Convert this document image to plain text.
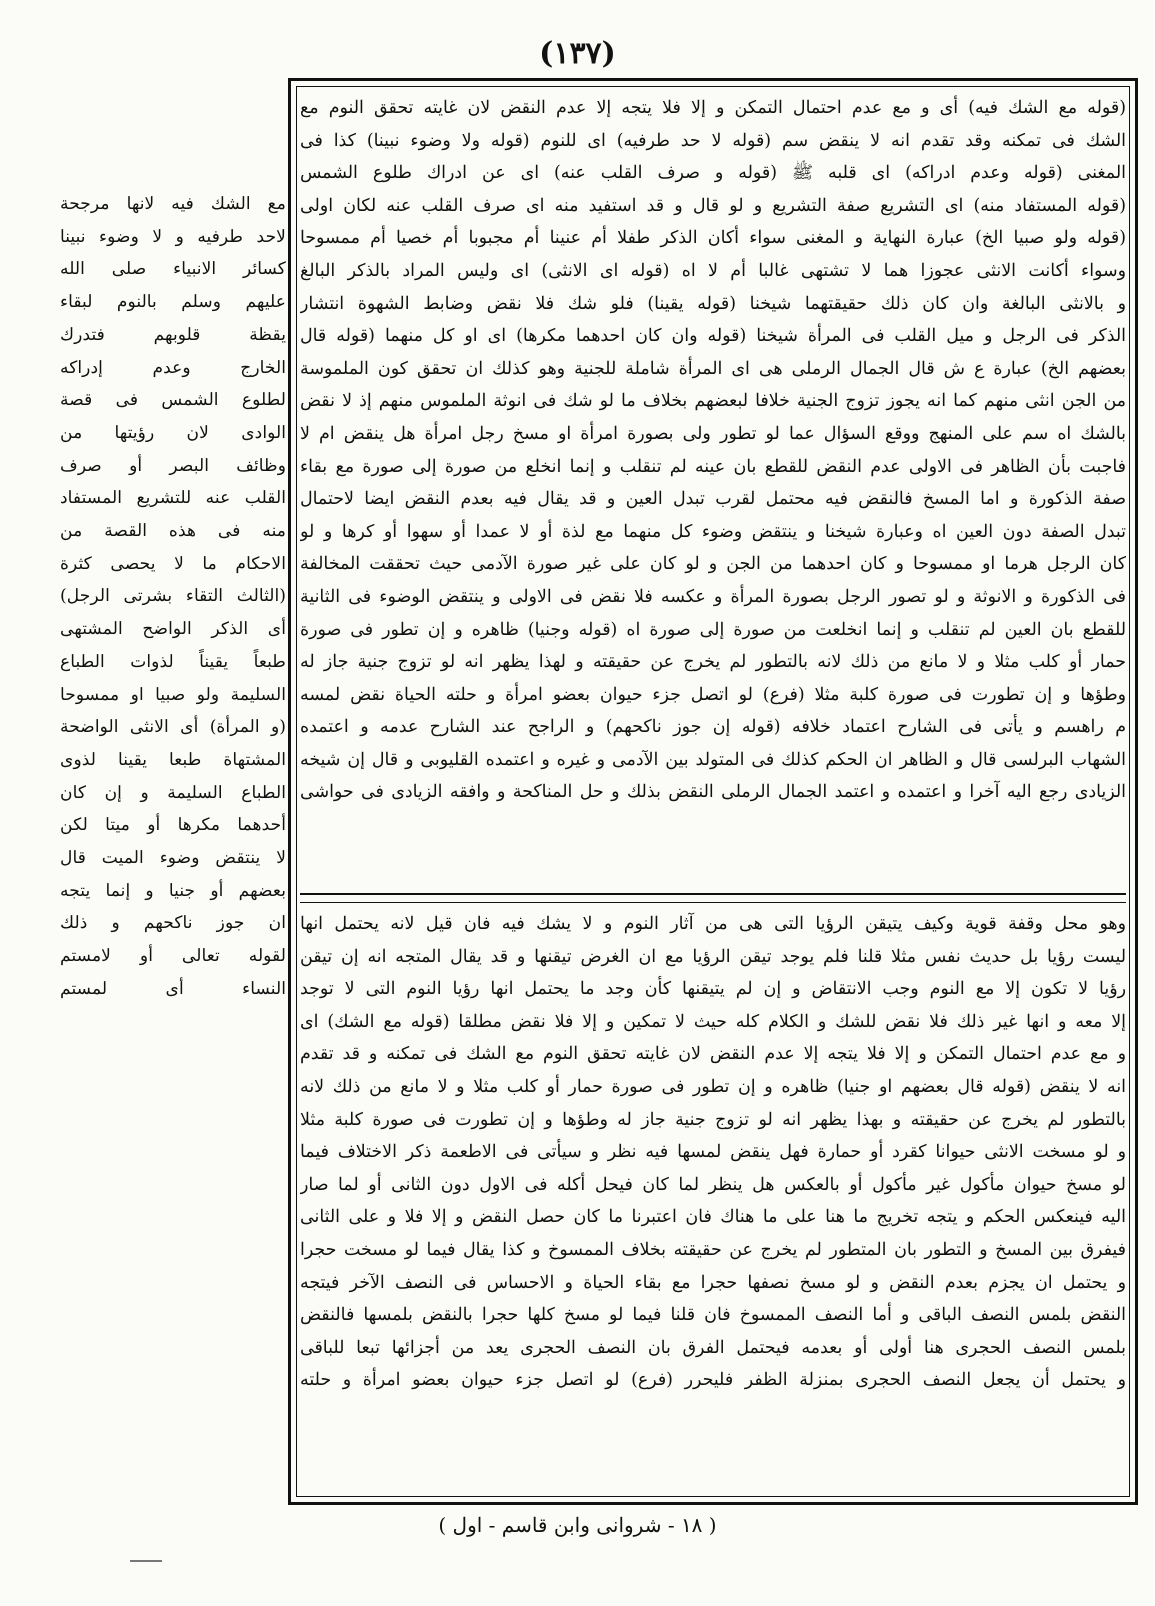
(١٣٧)
مع الشك فيه لانها مرجحة
لاحد طرفيه و لا وضوء نبينا
كسائر الانبياء صلى الله
عليهم وسلم بالنوم لبقاء
يقظة قلوبهم فتدرك
الخارج وعدم إدراكه
لطلوع الشمس فى قصة
الوادى لان رؤيتها من
وظائف البصر أو صرف
القلب عنه للتشريع المستفاد
منه فى هذه القصة من
الاحكام ما لا يحصى كثرة
(الثالث التقاء بشرتى الرجل)
أى الذكر الواضح المشتهى
طبعاً يقيناً لذوات الطباع
السليمة ولو صبيا او ممسوحا
(و المرأة) أى الانثى الواضحة
المشتهاة طبعا يقينا لذوى
الطباع السليمة و إن كان
أحدهما مكرها أو ميتا لكن
لا ينتقض وضوء الميت قال
بعضهم أو جنيا و إنما يتجه
ان جوز ناكحهم و ذلك
لقوله تعالى أو لامستم
النساء أى لمستم
(قوله مع الشك فيه) أى و مع عدم احتمال التمكن و إلا فلا يتجه إلا عدم النقض لان غايته تحقق النوم مع
الشك فى تمكنه وقد تقدم انه لا ينقض سم (قوله لا حد طرفيه) اى للنوم (قوله ولا وضوء نبينا) كذا فى
المغنى (قوله وعدم ادراكه) اى قلبه ﷺ (قوله و صرف القلب عنه) اى عن ادراك طلوع الشمس
(قوله المستفاد منه) اى التشريع صفة التشريع و لو قال و قد استفيد منه اى صرف القلب عنه لكان اولى
(قوله ولو صبيا الخ) عبارة النهاية و المغنى سواء أكان الذكر طفلا أم عنينا أم مجبوبا أم خصيا أم ممسوحا
وسواء أكانت الانثى عجوزا هما لا تشتهى غالبا أم لا اه (قوله اى الانثى) اى وليس المراد بالذكر البالغ
و بالانثى البالغة وان كان ذلك حقيقتهما شيخنا (قوله يقينا) فلو شك فلا نقض وضابط الشهوة انتشار
الذكر فى الرجل و ميل القلب فى المرأة شيخنا (قوله وان كان احدهما مكرها) اى او كل منهما (قوله قال
بعضهم الخ) عبارة ع ش قال الجمال الرملى هى اى المرأة شاملة للجنية وهو كذلك ان تحقق كون الملموسة
من الجن انثى منهم كما انه يجوز تزوج الجنية خلافا لبعضهم بخلاف ما لو شك فى انوثة الملموس منهم إذ لا نقض
بالشك اه سم على المنهج ووقع السؤال عما لو تطور ولى بصورة امرأة او مسخ رجل امرأة هل ينقض ام لا
فاجبت بأن الظاهر فى الاولى عدم النقض للقطع بان عينه لم تنقلب و إنما انخلع من صورة إلى صورة مع بقاء
صفة الذكورة و اما المسخ فالنقض فيه محتمل لقرب تبدل العين و قد يقال فيه بعدم النقض ايضا لاحتمال
تبدل الصفة دون العين اه وعبارة شيخنا و ينتقض وضوء كل منهما مع لذة أو لا عمدا أو سهوا أو كرها و لو
كان الرجل هرما او ممسوحا و كان احدهما من الجن و لو كان على غير صورة الآدمى حيث تحققت المخالفة
فى الذكورة و الانوثة و لو تصور الرجل بصورة المرأة و عكسه فلا نقض فى الاولى و ينتقض الوضوء فى الثانية
للقطع بان العين لم تنقلب و إنما انخلعت من صورة إلى صورة اه (قوله وجنيا) ظاهره و إن تطور فى صورة
حمار أو كلب مثلا و لا مانع من ذلك لانه بالتطور لم يخرج عن حقيقته و لهذا يظهر انه لو تزوج جنية جاز له
وطؤها و إن تطورت فى صورة كلبة مثلا (فرع) لو اتصل جزء حيوان بعضو امرأة و حلته الحياة نقض لمسه
م راهسم و يأتى فى الشارح اعتماد خلافه (قوله إن جوز ناكحهم) و الراجح عند الشارح عدمه و اعتمده
الشهاب البرلسى قال و الظاهر ان الحكم كذلك فى المتولد بين الآدمى و غيره و اعتمده القليوبى و قال إن شيخه
الزيادى رجع اليه آخرا و اعتمده و اعتمد الجمال الرملى النقض بذلك و حل المناكحة و وافقه الزيادى فى حواشى
وهو محل وقفة قوية وكيف يتيقن الرؤيا التى هى من آثار النوم و لا يشك فيه فان قيل لانه يحتمل انها
ليست رؤيا بل حديث نفس مثلا قلنا فلم يوجد تيقن الرؤيا مع ان الغرض تيقنها و قد يقال المتجه انه إن تيقن
رؤيا لا تكون إلا مع النوم وجب الانتقاض و إن لم يتيقنها كأن وجد ما يحتمل انها رؤيا النوم التى لا توجد
إلا معه و انها غير ذلك فلا نقض للشك و الكلام كله حيث لا تمكين و إلا فلا نقض مطلقا (قوله مع الشك) اى
و مع عدم احتمال التمكن و إلا فلا يتجه إلا عدم النقض لان غايته تحقق النوم مع الشك فى تمكنه و قد تقدم
انه لا ينقض (قوله قال بعضهم او جنيا) ظاهره و إن تطور فى صورة حمار أو كلب مثلا و لا مانع من ذلك لانه
بالتطور لم يخرج عن حقيقته و بهذا يظهر انه لو تزوج جنية جاز له وطؤها و إن تطورت فى صورة كلبة مثلا
و لو مسخت الانثى حيوانا كقرد أو حمارة فهل ينقض لمسها فيه نظر و سيأتى فى الاطعمة ذكر الاختلاف فيما
لو مسخ حيوان مأكول غير مأكول أو بالعكس هل ينظر لما كان فيحل أكله فى الاول دون الثانى أو لما صار
اليه فينعكس الحكم و يتجه تخريج ما هنا على ما هناك فان اعتبرنا ما كان حصل النقض و إلا فلا و على الثانى
فيفرق بين المسخ و التطور بان المتطور لم يخرج عن حقيقته بخلاف الممسوخ و كذا يقال فيما لو مسخت حجرا
و يحتمل ان يجزم بعدم النقض و لو مسخ نصفها حجرا مع بقاء الحياة و الاحساس فى النصف الآخر فيتجه
النقض بلمس النصف الباقى و أما النصف الممسوخ فان قلنا فيما لو مسخ كلها حجرا بالنقض بلمسها فالنقض
بلمس النصف الحجرى هنا أولى أو بعدمه فيحتمل الفرق بان النصف الحجرى يعد من أجزائها تبعا للباقى
و يحتمل أن يجعل النصف الحجرى بمنزلة الظفر فليحرر (فرع) لو اتصل جزء حيوان بعضو امرأة و حلته
( ١٨ - شروانى وابن قاسم - اول )
